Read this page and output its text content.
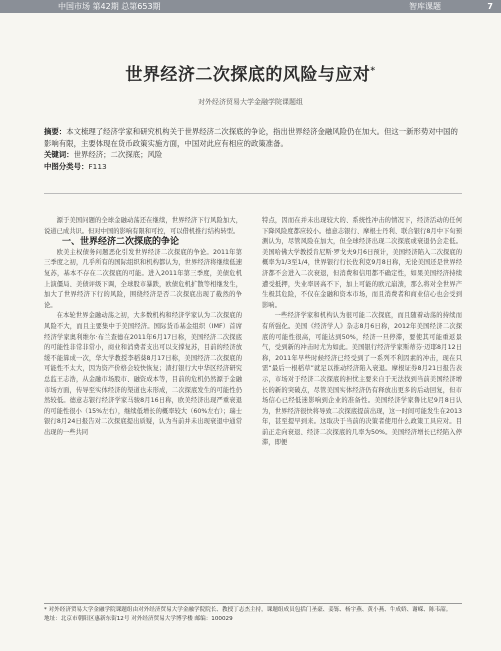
中国市场 第42期 总第653期	智库课题	7
世界经济二次探底的风险与应对*
对外经济贸易大学金融学院课题组

摘要：本文梳理了经济学家和研究机构关于世界经济二次探底的争论，指出世界经济金融风险仍在加大。但这一新形势对中国的影响有限，主要体现在货币政策实施方面，中国对此应有相应的政策准备。

关键词：世界经济；二次探底；风险

中图分类号：F113

源于美国问题的全球金融动荡还在继续，世界经济下行风险加大，说道已成共识。但对中国的影响有限和可控，可以借机推行结构转型。

一、世界经济二次探底的争论

欧美主权债务问题恶化引发世界经济二次探底的争论。2011年第三季度之初，几乎所有的国际组织和机构都认为，世界经济将继续低速复苏，基本不存在二次探底的可能。进入2011年第三季度，美债危机上演僵局、美债评级下调，全球股市暴跌，欧债危机扩散等相继发生，加大了世界经济下行的风险，围绕经济是否二次探底出现了截然的争论。

在本轮世界金融动荡之初，大多数机构和经济学家认为二次探底的风险不大，而且主要集中于美国经济。国际货币基金组织（IMF）首席经济学家奥利维尔·布兰查德在2011年6月17日称，美国经济二次探底的可能性非常非常小，商业和消费者支出可以支撑复苏，目前的经济放缓不能算成一次，华大学教授李稻葵8月17日称，美国经济二次探底的可能性不太大，因为资产价格会较快恢复；渣打银行大中华区经济研究总监王志浩，从金融市场股市、融资成本等，目前的危机仍然源于金融市场方面，传导至实体经济的渠道也未形成，二次探底发生的可能性仍然较低。德意志银行经济学家马骏8月16日称，欧美经济出现严重衰退的可能性很小（15%左右），继续低增长的概率较大（60%左右）；瑞士银行8月24日报告对二次探底提出质疑，认为当前并未出现衰退中通常出现的一些共同

特点，因而在并未出现较大的、系统性冲击的情况下，经济活动的任何下降风险度都应较小。德意志银行、摩根士丹利、联合银行8月中下旬预测认为，尽管风险在加大，但全球经济出现二次探底或衰退仍会走低。美国哈佛大学教授肯尼斯·罗戈夫9月6日预计，美国经济陷入二次探底的概率为1/3至1/4，世界银行行长佐利克9月8日称，无论美国还是世界经济都不会进入二次衰退，但消费和信用都不确定性，如果美国经济持续遭受抵押，失业率居高不下，加上可能的欧元崩溃，那么将对全世界产生极其危险，不仅在金融和资本市场，而且消费者和商业信心也会受到影响。

一些经济学家和机构认为很可能二次探底，而且随着动荡的持续而有所强化。美国《经济学人》杂志8月6日称，2012年美国经济二次探底的可能性很高，可能达到50%，经济一旦停滞，要使其可能重返景气，受到新的冲击时尤为如此。美国银行经济学家斯蒂芬·迈耶8月12日称，2011年早些时候经济已经受到了一系列不利因素的冲击，现在只需“最后一根稻草”就足以推动经济陷入衰退。摩根证券8月21日报告表示，市场对于经济二次探底的担忧主要来自于无法找到当前美国经济增长的新的突破点，尽管美国实体经济仍有释放出更多的后动回复，但市场信心已经低迷影响到企业的准备性。美国经济学家鲁比尼9月8日认为，世界经济很快将导致二次探底提前出现，这一时间可能发生在2013年，甚至提早到来。这取决于当前的决策者使用什么政策工具应对。目前正走向衰退、经济二次探底的几率为50%。美国经济增长已经陷入停滞，即便

* 对外经济贸易大学金融学院课题组由对外经济贸易大学金融学院院长、教授丁志杰主持，课题组成员包括门圣豪、姜铄、杨宇燕、黄小燕、牛成娇、谢嵘、陈韦韶。

地址：北京市朝阳区惠新东街12号 对外经济贸易大学博学楼 邮编：100029
